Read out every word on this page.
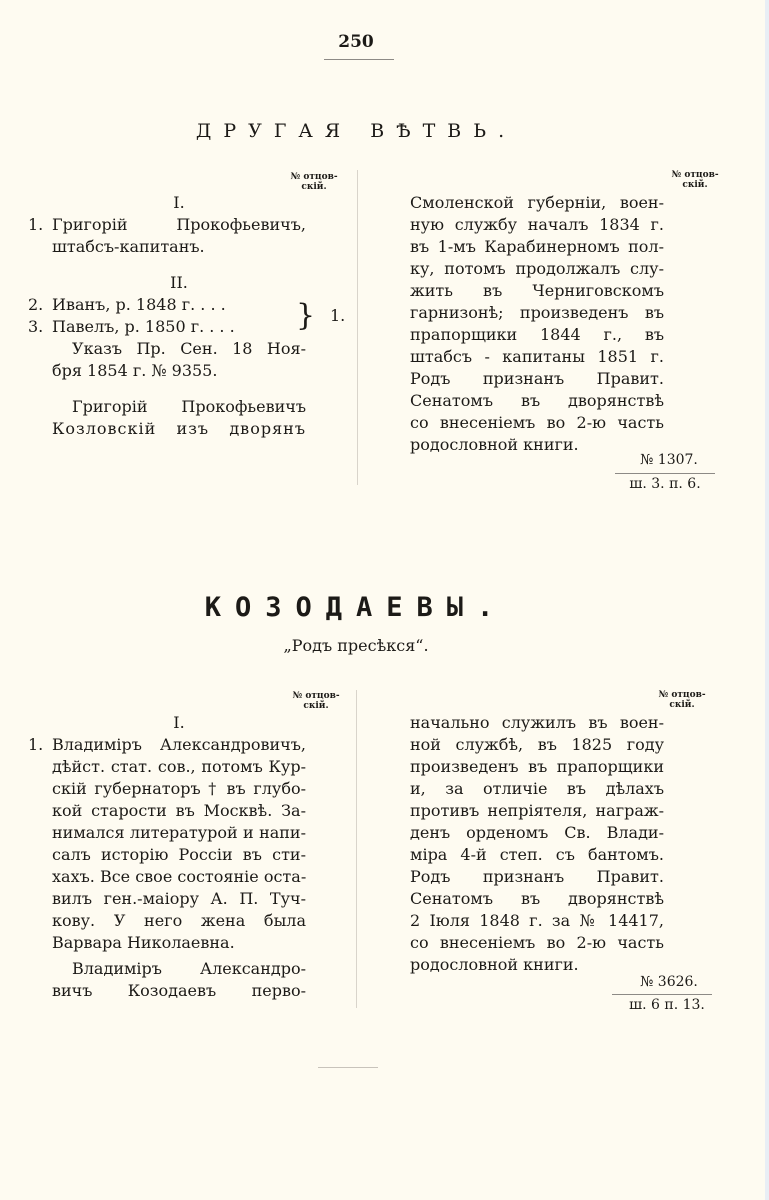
250
ДРУГАЯ ВѢТВЬ.
№ отцов-
скій.
№ отцов-
скій.
I.
1. Григорій Прокофьевичъ,
штабсъ-капитанъ.
II.
2. Иванъ, р. 1848 г. . . .
3. Павелъ, р. 1850 г. . . .
Указъ Пр. Сен. 18 Ноя-
бря 1854 г. № 9355.
Григорій Прокофьевичъ
Козловскій изъ дворянъ
} 1.
Смоленской губерніи, воен-
ную службу началъ 1834 г.
въ 1-мъ Карабинерномъ пол-
ку, потомъ продолжалъ слу-
жить въ Черниговскомъ
гарнизонѣ; произведенъ въ
прапорщики 1844 г., въ
штабсъ - капитаны 1851 г.
Родъ признанъ Правит.
Сенатомъ въ дворянствѣ
со внесеніемъ во 2-ю часть
родословной книги.
№ 1307.
ш. 3. п. 6.
КОЗОДАЕВЫ.
„Родъ пресѣкся“.
№ отцов-
скій.
№ отцов-
скій.
I.
1. Владиміръ Александровичъ,
дѣйст. стат. сов., потомъ Кур-
скій губернаторъ † въ глубо-
кой старости въ Москвѣ. За-
нимался литературой и напи-
салъ исторію Россіи въ сти-
хахъ. Все свое состояніе оста-
вилъ ген.-маіору А. П. Туч-
кову. У него жена была
Варвара Николаевна.
Владиміръ Александро-
вичъ Козодаевъ перво-
начально служилъ въ воен-
ной службѣ, въ 1825 году
произведенъ въ прапорщики
и, за отличіе въ дѣлахъ
противъ непріятеля, награж-
денъ орденомъ Св. Влади-
міра 4-й степ. съ бантомъ.
Родъ признанъ Правит.
Сенатомъ въ дворянствѣ
2 Іюля 1848 г. за № 14417,
со внесеніемъ во 2-ю часть
родословной книги.
№ 3626.
ш. 6 п. 13.
